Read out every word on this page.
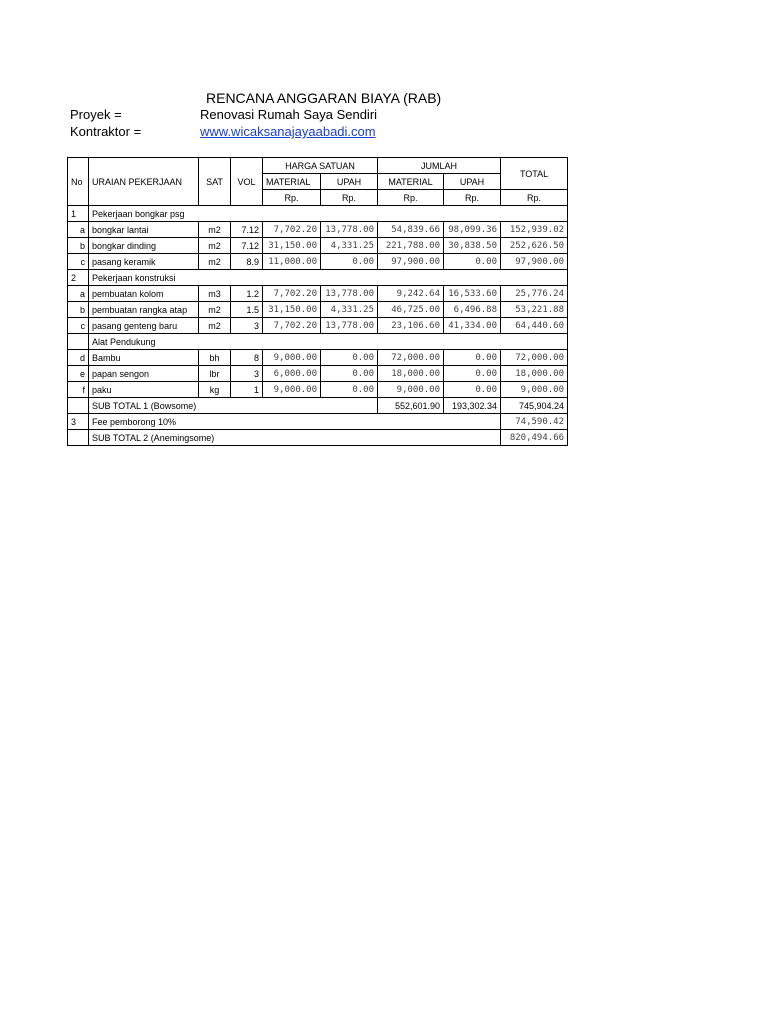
RENCANA ANGGARAN BIAYA (RAB)
Proyek =	Renovasi Rumah Saya Sendiri
Kontraktor =	www.wicaksanajayaabadi.com
No	URAIAN PEKERJAAN	SAT	VOL	HARGA SATUAN		JUMLAH		TOTAL
				MATERIAL	UPAH	MATERIAL	UPAH	
				Rp.	Rp.	Rp.	Rp.	Rp.
1	Pekerjaan bongkar psg							
a	bongkar lantai	m2	7.12	7,702.20	13,778.00	54,839.66	98,099.36	152,939.02
b	bongkar dinding	m2	7.12	31,150.00	4,331.25	221,788.00	30,838.50	252,626.50
c	pasang keramik	m2	8.9	11,000.00	0.00	97,900.00	0.00	97,900.00
2	Pekerjaan konstruksi							
a	pembuatan kolom	m3	1.2	7,702.20	13,778.00	9,242.64	16,533.60	25,776.24
b	pembuatan rangka atap	m2	1.5	31,150.00	4,331.25	46,725.00	6,496.88	53,221.88
c	pasang genteng baru	m2	3	7,702.20	13,778.00	23,106.60	41,334.00	64,440.60
	Alat Pendukung							
d	Bambu	bh	8	9,000.00	0.00	72,000.00	0.00	72,000.00
e	papan sengon	lbr	3	6,000.00	0.00	18,000.00	0.00	18,000.00
f	paku	kg	1	9,000.00	0.00	9,000.00	0.00	9,000.00
	SUB TOTAL 1 (Bowsome)					552,601.90	193,302.34	745,904.24
3	Fee pemborong 10%							74,590.42
	SUB TOTAL 2 (Anemingsome)							820,494.66
